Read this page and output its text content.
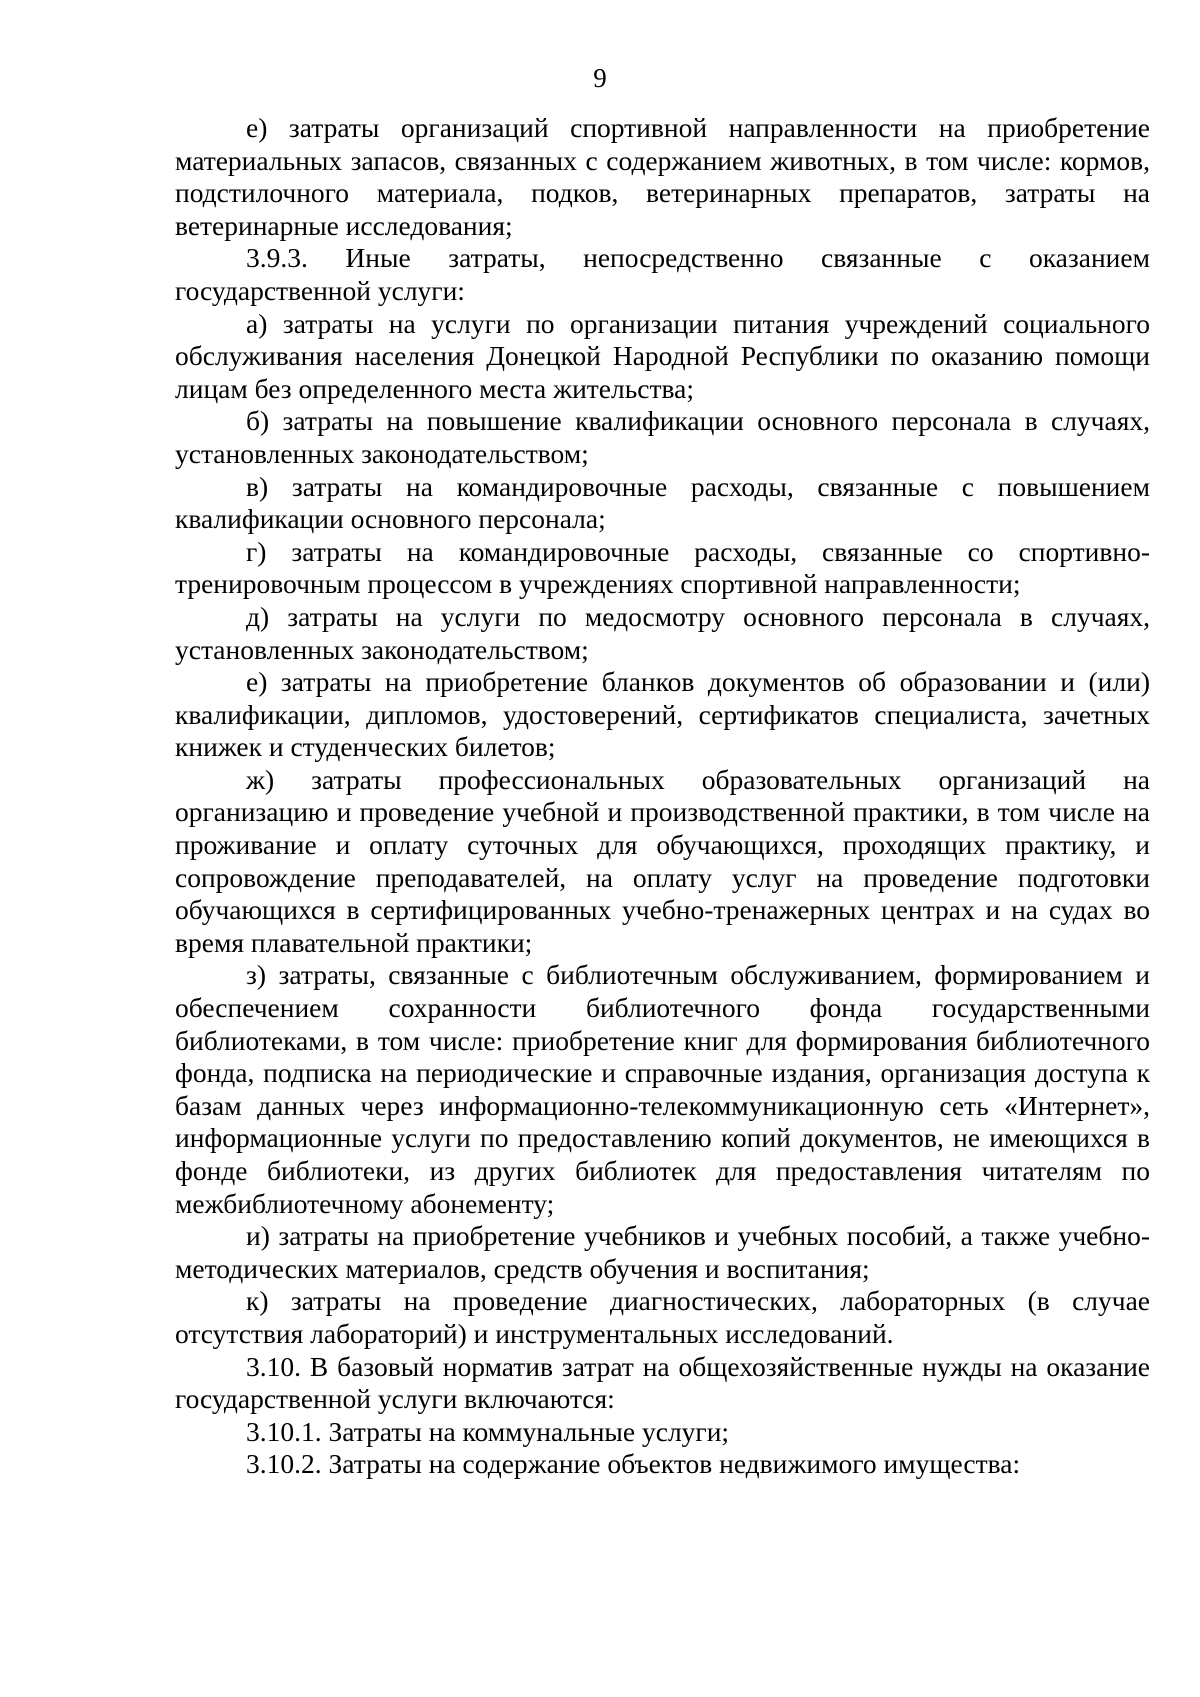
9

е) затраты организаций спортивной направленности на приобретение материальных запасов, связанных с содержанием животных, в том числе: кормов, подстилочного материала, подков, ветеринарных препаратов, затраты на ветеринарные исследования;

3.9.3. Иные затраты, непосредственно связанные с оказанием государственной услуги:

а) затраты на услуги по организации питания учреждений социального обслуживания населения Донецкой Народной Республики по оказанию помощи лицам без определенного места жительства;

б) затраты на повышение квалификации основного персонала в случаях, установленных законодательством;

в) затраты на командировочные расходы, связанные с повышением квалификации основного персонала;

г) затраты на командировочные расходы, связанные со спортивно-тренировочным процессом в учреждениях спортивной направленности;

д) затраты на услуги по медосмотру основного персонала в случаях, установленных законодательством;

е) затраты на приобретение бланков документов об образовании и (или) квалификации, дипломов, удостоверений, сертификатов специалиста, зачетных книжек и студенческих билетов;

ж) затраты профессиональных образовательных организаций на организацию и проведение учебной и производственной практики, в том числе на проживание и оплату суточных для обучающихся, проходящих практику, и сопровождение преподавателей, на оплату услуг на проведение подготовки обучающихся в сертифицированных учебно-тренажерных центрах и на судах во время плавательной практики;

з) затраты, связанные с библиотечным обслуживанием, формированием и обеспечением сохранности библиотечного фонда государственными библиотеками, в том числе: приобретение книг для формирования библиотечного фонда, подписка на периодические и справочные издания, организация доступа к базам данных через информационно-телекоммуникационную сеть «Интернет», информационные услуги по предоставлению копий документов, не имеющихся в фонде библиотеки, из других библиотек для предоставления читателям по межбиблиотечному абонементу;

и) затраты на приобретение учебников и учебных пособий, а также учебно-методических материалов, средств обучения и воспитания;

к) затраты на проведение диагностических, лабораторных (в случае отсутствия лабораторий) и инструментальных исследований.

3.10. В базовый норматив затрат на общехозяйственные нужды на оказание государственной услуги включаются:

3.10.1. Затраты на коммунальные услуги;

3.10.2. Затраты на содержание объектов недвижимого имущества:
